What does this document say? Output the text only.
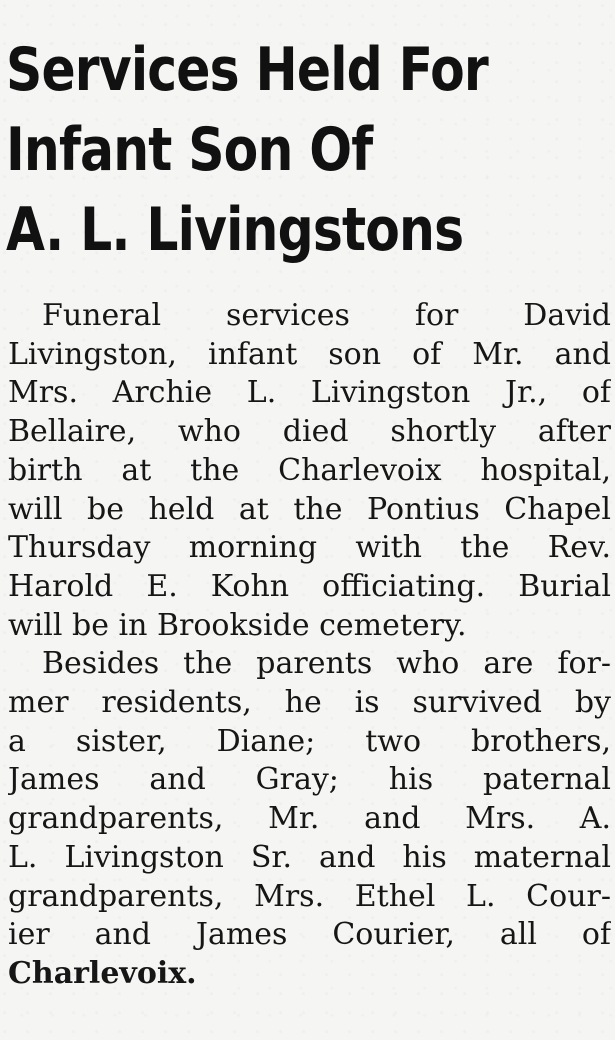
Services Held For
Infant Son Of
A. L. Livingstons
Funeral services for David
Livingston, infant son of Mr. and
Mrs. Archie L. Livingston Jr., of
Bellaire, who died shortly after
birth at the Charlevoix hospital,
will be held at the Pontius Chapel
Thursday morning with the Rev.
Harold E. Kohn officiating. Burial
will be in Brookside cemetery.
Besides the parents who are for-
mer residents, he is survived by
a sister, Diane; two brothers,
James and Gray; his paternal
grandparents, Mr. and Mrs. A.
L. Livingston Sr. and his maternal
grandparents, Mrs. Ethel L. Cour-
ier and James Courier, all of
Charlevoix.
